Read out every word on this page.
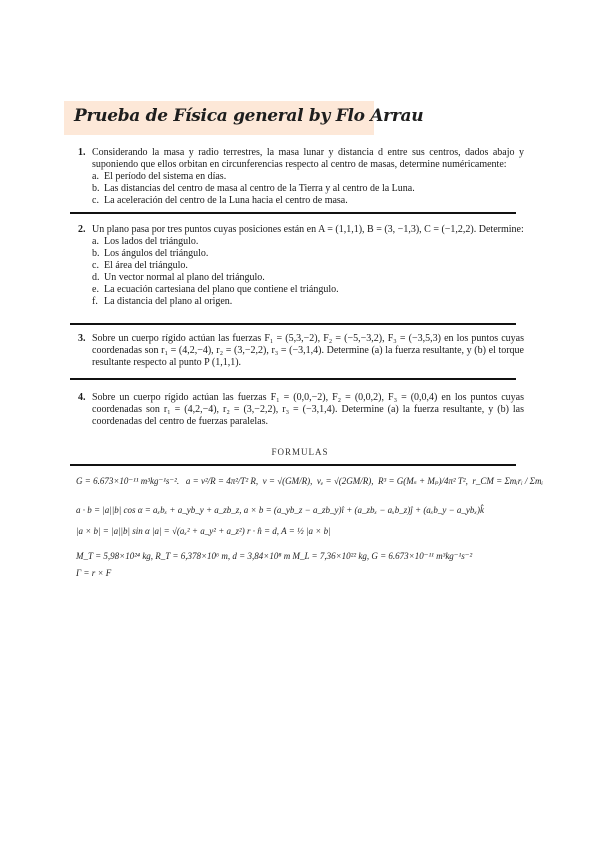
Prueba de Física general by Flo Arrau
1. Considerando la masa y radio terrestres, la masa lunar y distancia d entre sus centros, dados abajo y suponiendo que ellos orbitan en circunferencias respecto al centro de masas, determine numéricamente:
a. El período del sistema en días.
b. Las distancias del centro de masa al centro de la Tierra y al centro de la Luna.
c. La aceleración del centro de la Luna hacia el centro de masa.
2. Un plano pasa por tres puntos cuyas posiciones están en A = (1,1,1), B = (3, −1,3), C = (−1,2,2). Determine:
a. Los lados del triángulo.
b. Los ángulos del triángulo.
c. El área del triángulo.
d. Un vector normal al plano del triángulo.
e. La ecuación cartesiana del plano que contiene el triángulo.
f. La distancia del plano al origen.
3. Sobre un cuerpo rígido actúan las fuerzas F₁ = (5,3,−2), F₂ = (−5,−3,2), F₃ = (−3,5,3) en los puntos cuyas coordenadas son r₁ = (4,2,−4), r₂ = (3,−2,2), r₃ = (−3,1,4). Determine (a) la fuerza resultante, y (b) el torque resultante respecto al punto P (1,1,1).
4. Sobre un cuerpo rígido actúan las fuerzas F₁ = (0,0,−2), F₂ = (0,0,2), F₃ = (0,0,4) en los puntos cuyas coordenadas son r₁ = (4,2,−4), r₂ = (3,−2,2), r₃ = (−3,1,4). Determine (a) la fuerza resultante, y (b) las coordenadas del centro de fuerzas paralelas.
FORMULAS
G = 6.673×10⁻¹¹ m³kg⁻¹s⁻². a = v²/R = 4π²/T² R, v = √(GM/R), vₑ = √(2GM/R), R³ = G(Mₛ + Mₚ)/4π² T², r_CM = Σmᵢrᵢ / Σmᵢ
a · b = |a||b| cos α = aₓbₓ + a_yb_y + a_zb_z, a × b = (a_yb_z − a_zb_y)î + (a_zbₓ − aₓb_z)ĵ + (aₓb_y − a_ybₓ)k̂
|a × b| = |a||b| sin α |a| = √(aₓ² + a_y² + a_z²) r · n̂ = d, A = ½ |a × b|
M_T = 5,98×10²⁴ kg, R_T = 6,378×10⁶ m, d = 3,84×10⁸ m M_L = 7,36×10²² kg, G = 6.673×10⁻¹¹ m³kg⁻¹s⁻²
Γ = r × F
